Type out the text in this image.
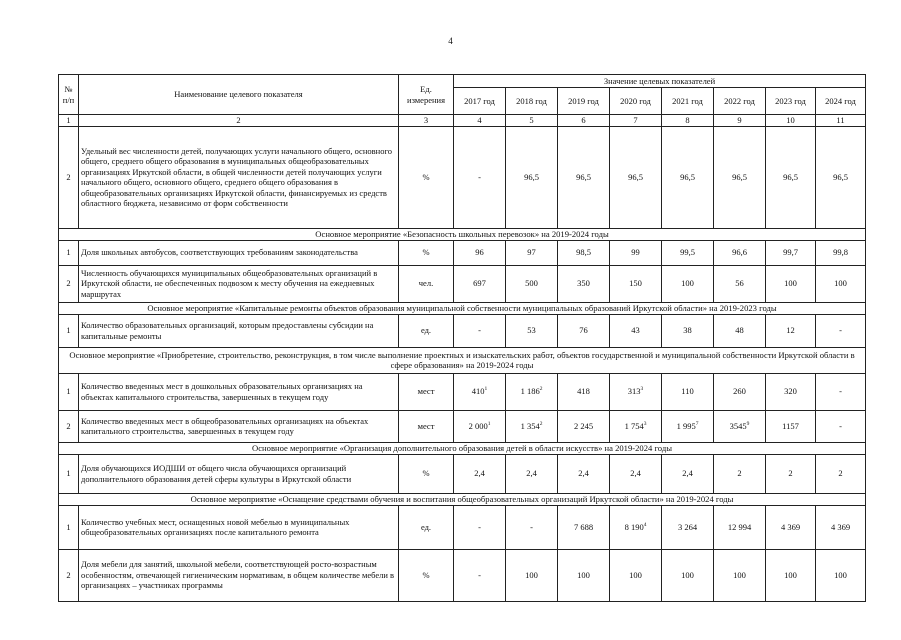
4
№
п/п	Наименование целевого показателя	Ед.
измерения	Значение целевых показателей							
			2017 год	2018 год	2019 год	2020 год	2021 год	2022 год	2023 год	2024 год
1	2	3	4	5	6	7	8	9	10	11
2	Удельный вес численности детей, получающих услуги начального общего, основного общего, среднего общего образования в муниципальных общеобразовательных организациях Иркутской области, в общей численности детей получающих услуги начального общего, основного общего, среднего общего образования в общеобразовательных организациях Иркутской области, финансируемых из средств областного бюджета, независимо от форм собственности	%	-	96,5	96,5	96,5	96,5	96,5	96,5	96,5
Основное мероприятие «Безопасность школьных перевозок» на 2019-2024 годы										
1	Доля школьных автобусов, соответствующих требованиям законодательства	%	96	97	98,5	99	99,5	96,6	99,7	99,8
2	Численность обучающихся муниципальных общеобразовательных организаций в Иркутской области, не обеспеченных подвозом к месту обучения на ежедневных маршрутах	чел.	697	500	350	150	100	56	100	100
Основное мероприятие «Капитальные ремонты объектов образования муниципальной собственности муниципальных образований Иркутской области» на 2019-2023 годы										
1	Количество образовательных организаций, которым предоставлены субсидии на капитальные ремонты	ед.	-	53	76	43	38	48	12	-
Основное мероприятие «Приобретение, строительство, реконструкция, в том числе выполнение проектных и изыскательских работ, объектов государственной и муниципальной собственности Иркутской области в сфере образования» на 2019-2024 годы										
1	Количество введенных мест в дошкольных образовательных организациях на объектах капитального строительства, завершенных в текущем году	мест	$410^1$	1 $186^2$	418	$313^3$	110	260	320	-
2	Количество введенных мест в общеобразовательных организациях на объектах капитального строительства, завершенных в текущем году	мест	2 $000^1$	1 $354^2$	2 245	1 $754^3$	1 $995^7$	3545$^9$	1157	-
Основное мероприятие «Организация дополнительного образования детей в области искусств» на 2019-2024 годы										
1	Доля обучающихся ИОДШИ от общего числа обучающихся организаций дополнительного образования детей сферы культуры в Иркутской области	%	2,4	2,4	2,4	2,4	2,4	2	2	2
Основное мероприятие «Оснащение средствами обучения и воспитания общеобразовательных организаций Иркутской области» на 2019-2024 годы										
1	Количество учебных мест, оснащенных новой мебелью в муниципальных общеобразовательных организациях после капитального ремонта	ед.	-	-	7 688	8 $190^4$	3 264	12 994	4 369	4 369
2	Доля мебели для занятий, школьной мебели, соответствующей росто-возрастным особенностям, отвечающей гигиеническим нормативам, в общем количестве мебели в организациях – участниках программы	%	-	100	100	100	100	100	100	100
